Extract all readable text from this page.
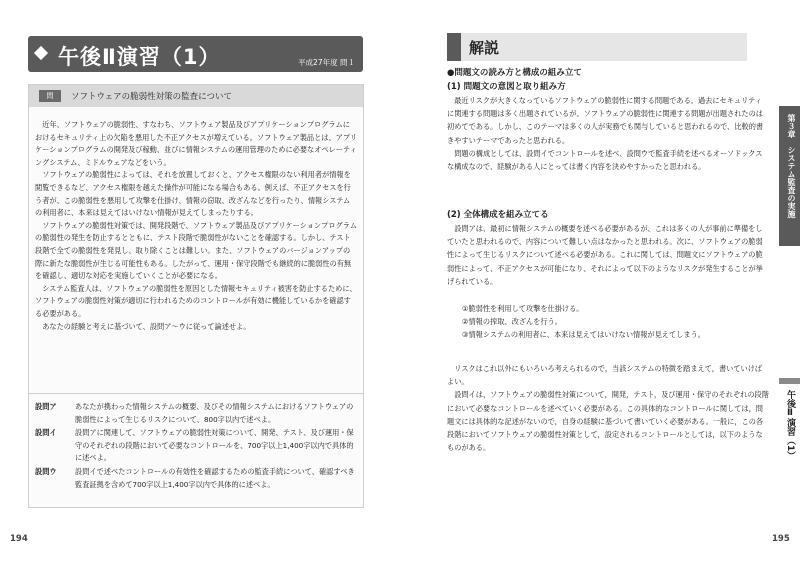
午後Ⅱ演習（1）	平成27年度 問１
問	ソフトウェアの脆弱性対策の監査について

近年、ソフトウェアの脆弱性、すなわち、ソフトウェア製品及びアプリケーションプログラムにおけるセキュリティ上の欠陥を悪用した不正アクセスが増えている。ソフトウェア製品とは、アプリケーションプログラムの開発及び稼動、並びに情報システムの運用管理のために必要なオペレーティングシステム、ミドルウェアなどをいう。

ソフトウェアの脆弱性によっては、それを放置しておくと、アクセス権限のない利用者が情報を閲覧できるなど、アクセス権限を越えた操作が可能になる場合もある。例えば、不正アクセスを行う者が、この脆弱性を悪用して攻撃を仕掛け、情報の窃取、改ざんなどを行ったり、情報システムの利用者に、本来は見えてはいけない情報が見えてしまったりする。

ソフトウェアの脆弱性対策では、開発段階で、ソフトウェア製品及びアプリケーションプログラムの脆弱性の発生を防止するとともに、テスト段階で脆弱性がないことを確認する。しかし、テスト段階で全ての脆弱性を発見し、取り除くことは難しい。また、ソフトウェアのバージョンアップの際に新たな脆弱性が生じる可能性もある。したがって、運用・保守段階でも継続的に脆弱性の有無を確認し、適切な対応を実施していくことが必要になる。

システム監査人は、ソフトウェアの脆弱性を原因とした情報セキュリティ被害を防止するために、ソフトウェアの脆弱性対策が適切に行われるためのコントロールが有効に機能しているかを確認する必要がある。

あなたの経験と考えに基づいて、設問ア～ウに従って論述せよ。

設問ア	あなたが携わった情報システムの概要、及びその情報システムにおけるソフトウェアの脆弱性によって生じるリスクについて、800字以内で述べよ。
設問イ	設問アに関連して、ソフトウェアの脆弱性対策について、開発、テスト、及び運用・保守のそれぞれの段階において必要なコントロールを、700字以上1,400字以内で具体的に述べよ。
設問ウ	設問イで述べたコントロールの有効性を確認するための監査手続について、確認すべき監査証拠を含めて700字以上1,400字以内で具体的に述べよ。
194
解説
●問題文の読み方と構成の組み立て
(1) 問題文の意図と取り組み方

最近リスクが大きくなっているソフトウェアの脆弱性に関する問題である。過去にセキュリティに関連する問題は多く出題されているが、ソフトウェアの脆弱性に関連する問題が出題されたのは初めてである。しかし、このテーマは多くの人が実務でも関与していると思われるので、比較的書きやすいテーマであったと思われる。

問題の構成としては、設問イでコントロールを述べ、設問ウで監査手続を述べるオーソドックスな構成なので、経験がある人にとっては書く内容を決めやすかったと思われる。

(2) 全体構成を組み立てる

設問アは、最初に情報システムの概要を述べる必要があるが、これは多くの人が事前に準備をしていたと思われるので、内容について難しい点はなかったと思われる。次に、ソフトウェアの脆弱性によって生じるリスクについて述べる必要がある。これに関しては、問題文にソフトウェアの脆弱性によって、不正アクセスが可能になり、それによって以下のようなリスクが発生することが挙げられている。

①脆弱性を利用して攻撃を仕掛ける。
②情報の搾取、改ざんを行う。
③情報システムの利用者に、本来は見えてはいけない情報が見えてしまう。

リスクはこれ以外にもいろいろ考えられるので，当該システムの特徴を踏まえて，書いていけばよい。

設問イは，ソフトウェアの脆弱性対策について，開発，テスト，及び運用・保守のそれぞれの段階において必要なコントロールを述べていく必要がある。この具体的なコントロールに関しては，問題文には具体的な記述がないので，自身の経験に基づいて書いていく必要がある。一般に，この各段階においてソフトウェアの脆弱性対策として，設定されるコントロールとしては，以下のようなものがある。

第３章　システム監査の実施
午後Ⅱ演習（1）
195
